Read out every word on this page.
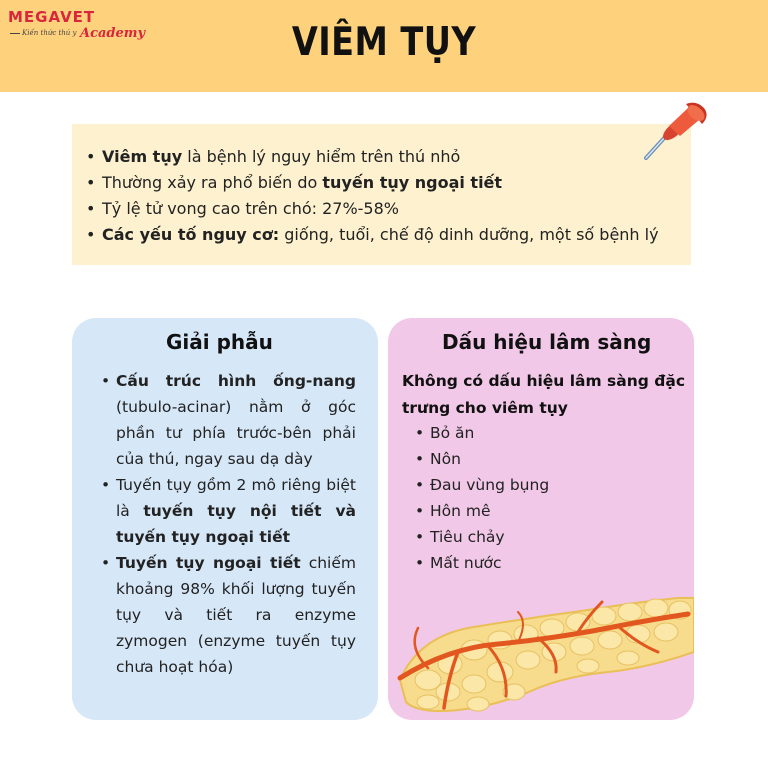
MEGAVET
Kiến thức thú y Academy	VIÊM TỤY
• Viêm tụy là bệnh lý nguy hiểm trên thú nhỏ
• Thường xảy ra phổ biến do tuyến tụy ngoại tiết
• Tỷ lệ tử vong cao trên chó: 27%-58%
• Các yếu tố nguy cơ: giống, tuổi, chế độ dinh dưỡng, một số bệnh lý
Giải phẫu
• Cấu trúc hình ống-nang (tubulo-acinar) nằm ở góc phần tư phía trước-bên phải của thú, ngay sau dạ dày
• Tuyến tụy gồm 2 mô riêng biệt là tuyến tụy nội tiết và tuyến tụy ngoại tiết
• Tuyến tụy ngoại tiết chiếm khoảng 98% khối lượng tuyến tụy và tiết ra enzyme zymogen (enzyme tuyến tụy chưa hoạt hóa)
Dấu hiệu lâm sàng
Không có dấu hiệu lâm sàng đặc trưng cho viêm tụy
• Bỏ ăn
• Nôn
• Đau vùng bụng
• Hôn mê
• Tiêu chảy
• Mất nước
